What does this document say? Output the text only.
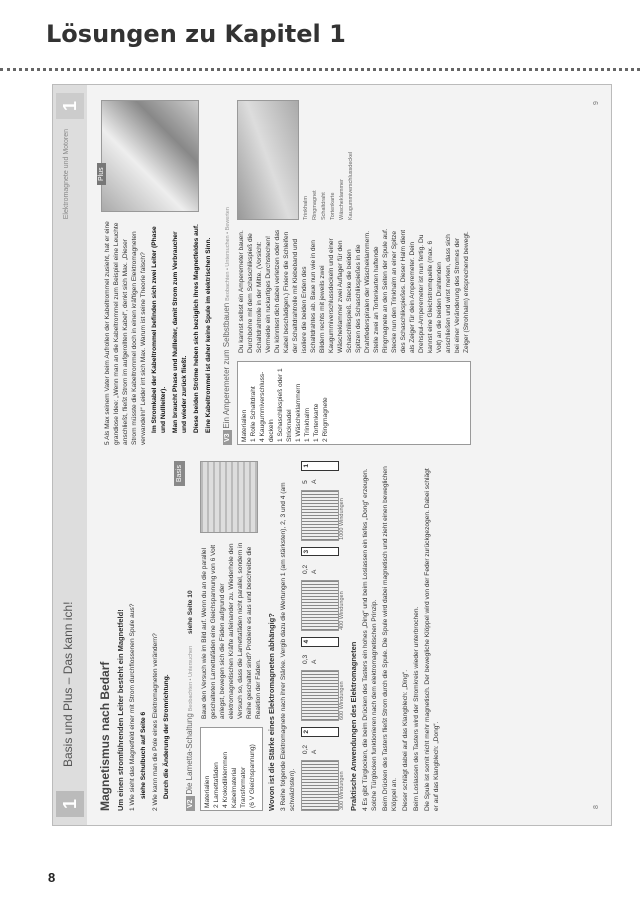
Lösungen zu Kapitel 1
1
Basis und Plus – Das kann ich!
Elektromagnete und Motoren
1
Magnetismus nach Bedarf Um einen stromführenden Leiter besteht ein Magnetfeld! 1 Wie sieht das Magnetfeld einer mit Strom durchflossenen Spule aus? siehe Schulbuch auf Seite 6 2 Wie kann man die Pole eines Elektromagneten verändern? Durch die Änderung der Stromrichtung.
Basis
V2 Die Lametta-Schaltung Beobachten • Untersuchen siehe Seite 10
Materialien
2 Lamettafäden
4 Krokodilklemmen
Kabelmaterial
Transformator
(6 V Gleichspannung)
Baue den Versuch wie im Bild auf. Wenn du an die parallel geschalteten Lamettafäden eine Gleichspannung von 6 Volt anlegst, bewegen sich die Fäden aufgrund der elektromagnetischen Kräfte aufeinander zu. Wiederhole den Versuch so, dass die Lamettafäden nicht parallel, sondern in Reihe geschaltet sind? Probiere es aus und beschreibe die Reaktion der Fäden. Wovon ist die Stärke eines Elektromagneten abhängig? 3 Reihe folgende Elektromagnete nach ihrer Stärke. Vergib dazu die Wertungen 1 (am stärksten), 2, 3 und 4 (am schwächsten).	300 Windungen
0,2 A
2
600 Windungen
0,3 A
4
400 Windungen
0,2 A
3
1000 Windungen
5 A
1
Praktische Anwendungen des Elektromagneten 4 Es gibt Türglocken, die beim Drücken des Tasters ein hohes „Ding“ und beim Loslassen ein tiefes „Dong“ erzeugen. Solche Türglocken funktionieren nach dem elektromagnetischen Prinzip. Beim Drücken des Tasters fließt Strom durch die Spule. Die Spule wird dabei magnetisch und zieht einen beweglichen Klöppel an. Dieser schlägt dabei auf das Klangblech: „Ding“. Beim Loslassen des Tasters wird der Stromkreis wieder unterbrochen. Die Spule ist somit nicht mehr magnetisch. Der bewegliche Klöppel wird von der Feder zurückgezogen. Dabei schlägt er auf das Klangblech: „Dong“.
5 Als Max seinem Vater beim Aufrollen der Kabeltrommel zusieht, hat er eine grandiose Idee: „Wenn man an die Kabeltrommel zum Beispiel eine Leuchte anschließt, fließt Strom im aufgerollten Kabel“, denkt sich Max. „Dieser Strom müsste die Kabeltrommel doch in einen kräftigen Elektromagneten verwandeln!“ Leider irrt sich Max. Warum ist seine Theorie falsch? Im Stromkabel der Kabeltrommel befinden sich zwei Leiter (Phase und Nullleiter). Man braucht Phase und Nullleiter, damit Strom zum Verbraucher und wieder zurück fließt. Diese beiden Ströme heben sich bezüglich ihres Magnetfeldes auf. Eine Kabeltrommel ist daher keine Spule im elektrischen Sinn.
V3 Ein Amperemeter zum Selbstbauen Beobachten • Untersuchen • Bewerten
Materialien
1 Rolle Schaltdraht
4 Kaugummiverschluss-deckeln
1 Schaschlikspieß oder 1 Stricknadel
1 Wäscheklammern
1 Trinkhalm
1 Tortenkarte
2 Ringmagnete
Du kannst selbst ein Amperemeter bauen. Durchbohre mit dem Schaschlikspieß die Schaltdrahtrolle in der Mitte. (Vorsicht: Vermeide ein ruckartiges Durchstechen! Du könntest dich dabei verletzen oder das Kabel beschädigen.) Fixiere die Schleifen der Schaltdrahtrolle mit Klebeband und isoliere die beiden Enden des Schaltdrahtes ab. Baue nun wie in den Bildern rechts mit jeweils zwei Kaugummiverschlussdeckeln und einer Wäscheklammer zwei Auflager für den Schaschlikspieß. Stecke die beiden Spitzen des Schaschlikspießes in die Drahtfederspiralen der Wäscheklammern. Stelle zwei an Tortenkarten haftende Ringmagnete an den Seiten der Spule auf. Stecke nun den Trinkhalm an einer Spitze des Schaschlikspießes. Dieser Halm dient als Zeiger für dein Amperemeter. Dein Drehspul-Amperemeter ist nun fertig. Du kannst eine Gleichstromquelle (max. 6 Volt) an die beiden Drahtenden anschließen und wirst merken, dass sich bei einer Veränderung des Stromes der Zeiger (Strohhalm) entsprechend bewegt.
Trinkhalm Ringmagnet Schaltdraht Tortenkarte Wäscheklammer Kaugummiverschlussdeckel
Plus
8
9
8
